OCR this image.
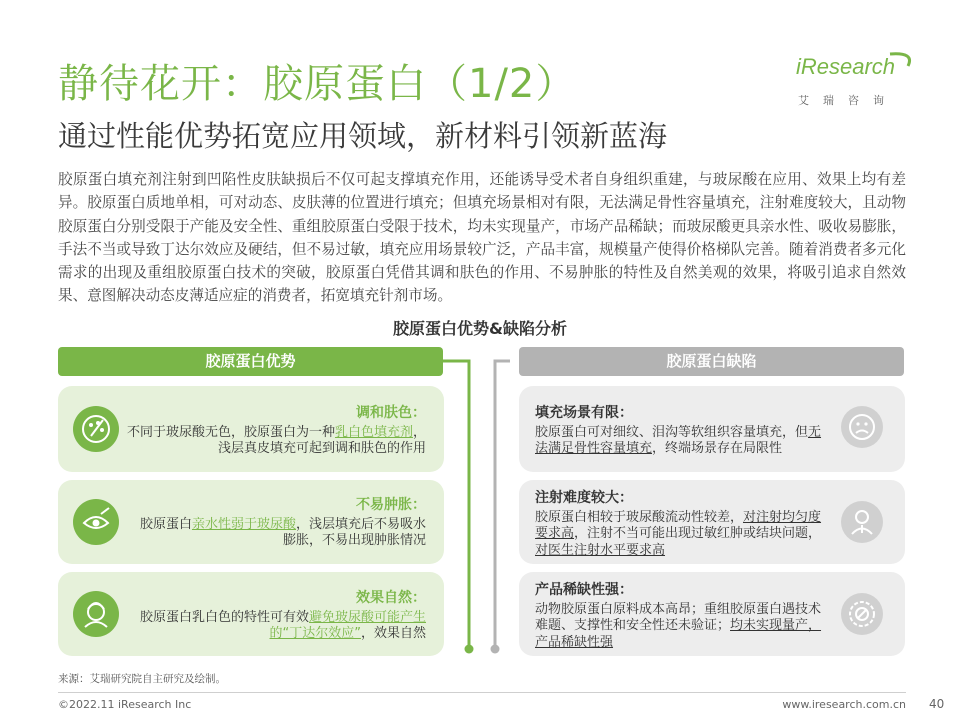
静待花开：胶原蛋白（1/2）
通过性能优势拓宽应用领域，新材料引领新蓝海
iResearch
艾瑞咨询
胶原蛋白填充剂注射到凹陷性皮肤缺损后不仅可起支撑填充作用，还能诱导受术者自身组织重建，与玻尿酸在应用、效果上均有差异。胶原蛋白质地单相，可对动态、皮肤薄的位置进行填充；但填充场景相对有限，无法满足骨性容量填充，注射难度较大，且动物胶原蛋白分别受限于产能及安全性、重组胶原蛋白受限于技术，均未实现量产，市场产品稀缺；而玻尿酸更具亲水性、吸收易膨胀，手法不当或导致丁达尔效应及硬结，但不易过敏，填充应用场景较广泛，产品丰富，规模量产使得价格梯队完善。随着消费者多元化需求的出现及重组胶原蛋白技术的突破，胶原蛋白凭借其调和肤色的作用、不易肿胀的特性及自然美观的效果，将吸引追求自然效果、意图解决动态皮薄适应症的消费者，拓宽填充针剂市场。
胶原蛋白优势&缺陷分析
胶原蛋白优势	胶原蛋白缺陷
调和肤色：
不同于玻尿酸无色，胶原蛋白为一种乳白色填充剂，
浅层真皮填充可起到调和肤色的作用
不易肿胀：
胶原蛋白亲水性弱于玻尿酸，浅层填充后不易吸水
膨胀，不易出现肿胀情况
效果自然：
胶原蛋白乳白色的特性可有效避免玻尿酸可能产生
的“丁达尔效应”，效果自然
填充场景有限：
胶原蛋白可对细纹、泪沟等软组织容量填充，但无
法满足骨性容量填充，终端场景存在局限性
注射难度较大：
胶原蛋白相较于玻尿酸流动性较差，对注射均匀度
要求高，注射不当可能出现过敏红肿或结块问题，
对医生注射水平要求高
产品稀缺性强：
动物胶原蛋白原料成本高昂；重组胶原蛋白遇技术
难题、支撑性和安全性还未验证；均未实现量产，
产品稀缺性强
来源：艾瑞研究院自主研究及绘制。
©2022.11 iResearch Inc	www.iresearch.com.cn 40
